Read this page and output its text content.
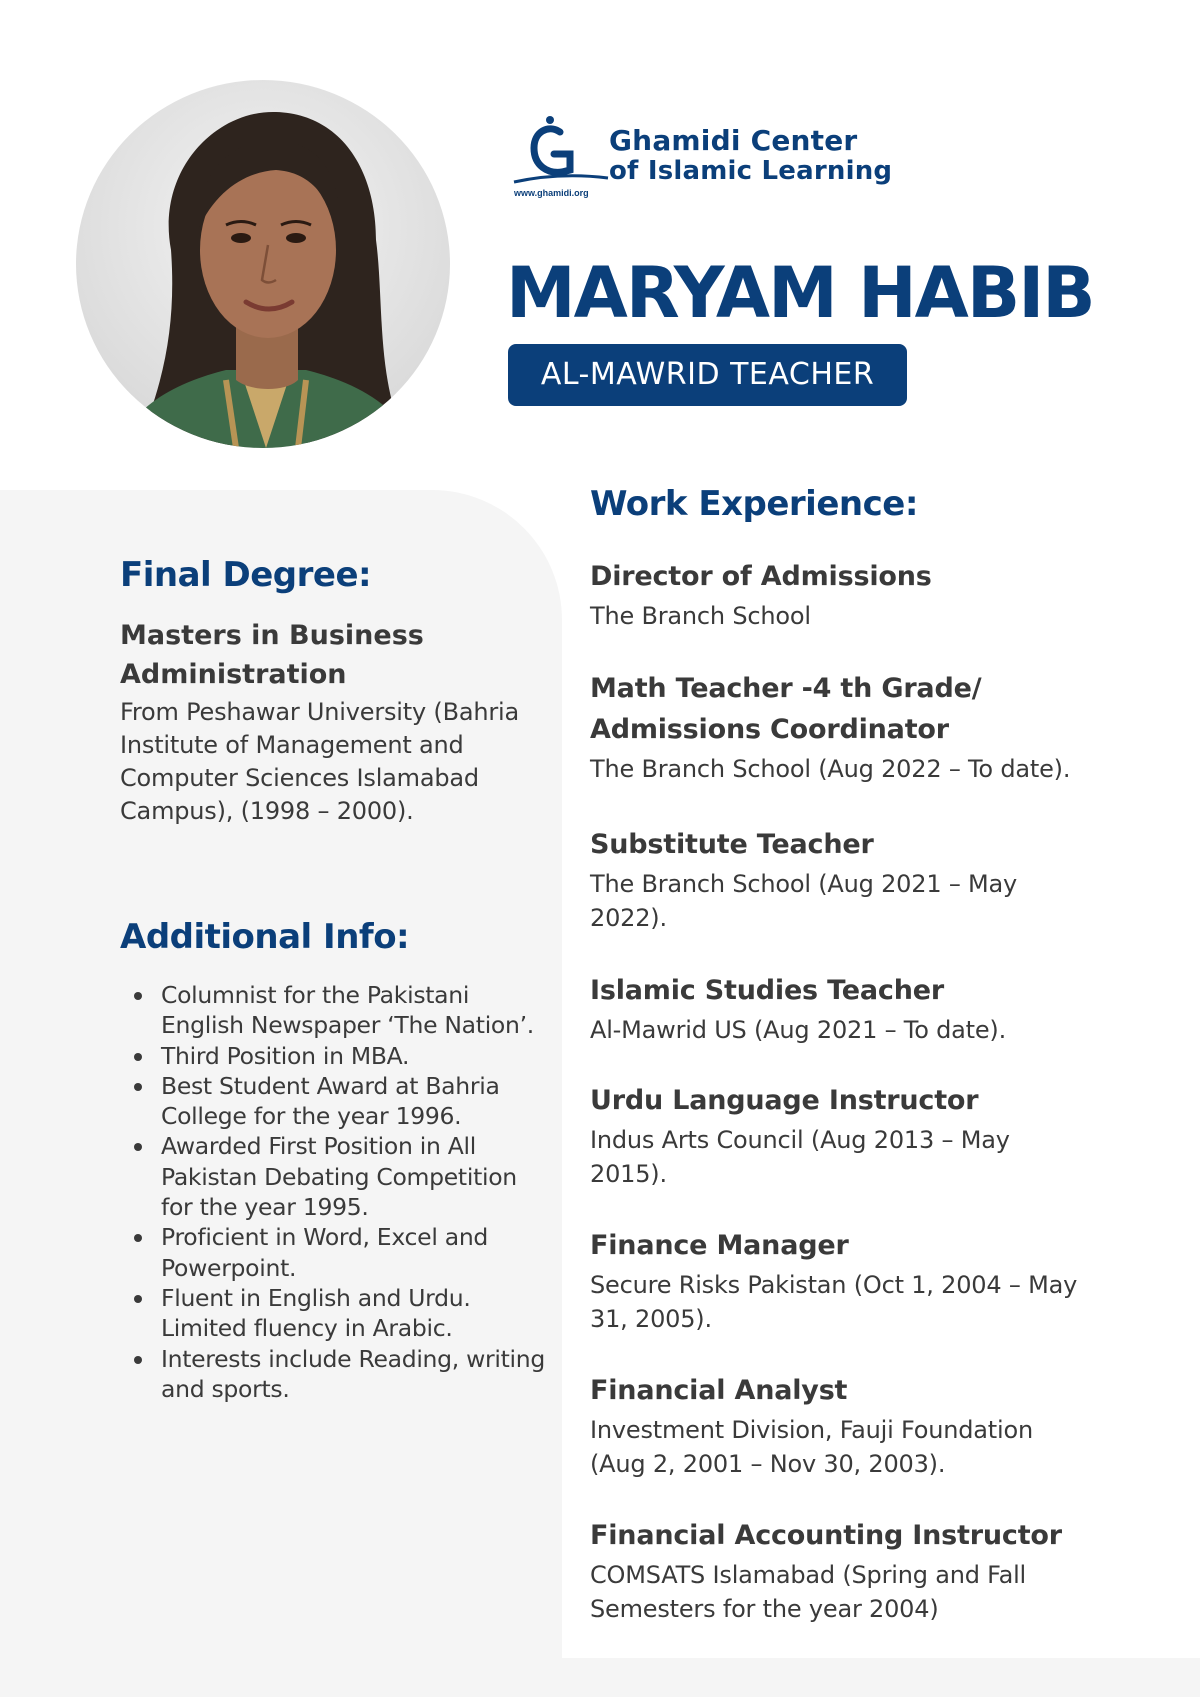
www.ghamidi.org
Ghamidi Center
of Islamic Learning
MARYAM HABIB
AL-MAWRID TEACHER
Final Degree:
Masters in Business
Administration
From Peshawar University (Bahria Institute of Management and Computer Sciences Islamabad Campus), (1998 – 2000).
Additional Info:
Columnist for the Pakistani English Newspaper ‘The Nation’.
Third Position in MBA.
Best Student Award at Bahria College for the year 1996.
Awarded First Position in All Pakistan Debating Competition for the year 1995.
Proficient in Word, Excel and Powerpoint.
Fluent in English and Urdu. Limited fluency in Arabic.
Interests include Reading, writing and sports.
Work Experience:
Director of Admissions
The Branch School
Math Teacher -4 th Grade/ Admissions Coordinator
The Branch School (Aug 2022 – To date).
Substitute Teacher
The Branch School (Aug 2021 – May 2022).
Islamic Studies Teacher
Al-Mawrid US (Aug 2021 – To date).
Urdu Language Instructor
Indus Arts Council (Aug 2013 – May 2015).
Finance Manager
Secure Risks Pakistan (Oct 1, 2004 – May 31, 2005).
Financial Analyst
Investment Division, Fauji Foundation (Aug 2, 2001 – Nov 30, 2003).
Financial Accounting Instructor
COMSATS Islamabad (Spring and Fall Semesters for the year 2004)
